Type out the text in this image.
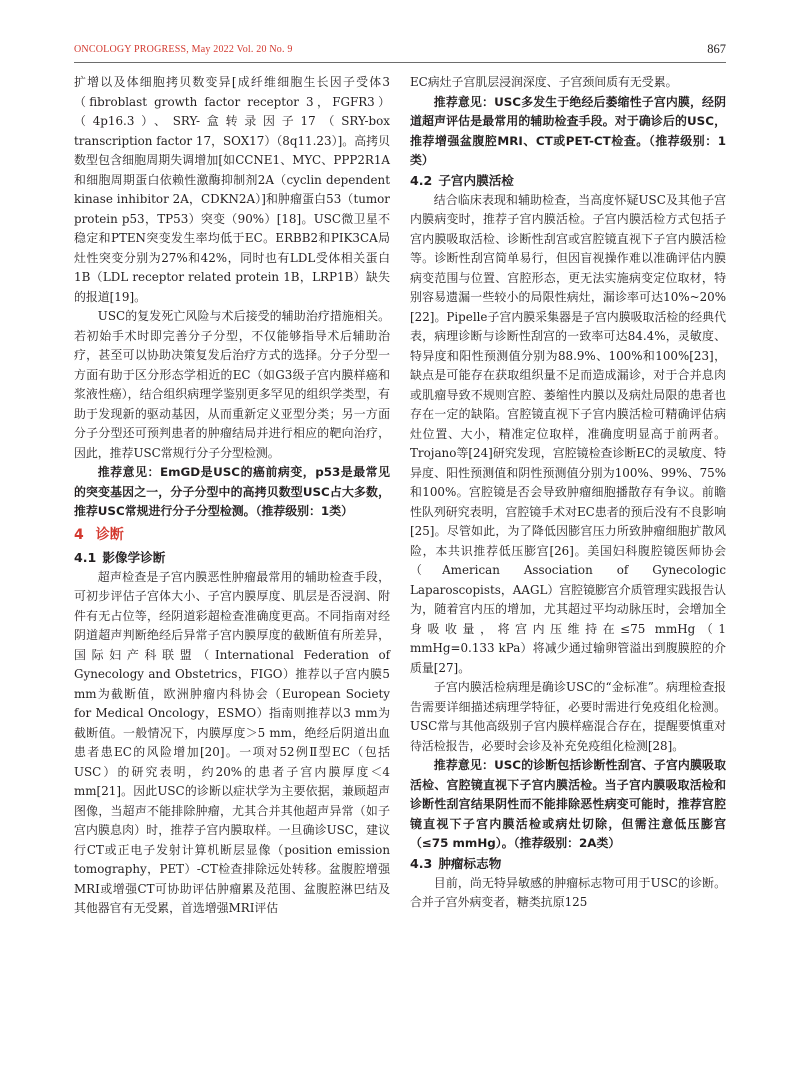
ONCOLOGY PROGRESS, May 2022 Vol. 20 No. 9	867

扩增以及体细胞拷贝数变异[成纤维细胞生长因子受体3（fibroblast growth factor receptor 3，FGFR3）（4p16.3）、SRY-盒转录因子17（SRY-box transcription factor 17，SOX17）（8q11.23）]。高拷贝数型包含细胞周期失调增加[如CCNE1、MYC、PPP2R1A和细胞周期蛋白依赖性激酶抑制剂2A（cyclin dependent kinase inhibitor 2A，CDKN2A）]和肿瘤蛋白53（tumor protein p53，TP53）突变（90%）[18]。USC微卫星不稳定和PTEN突变发生率均低于EC。ERBB2和PIK3CA局灶性突变分别为27%和42%，同时也有LDL受体相关蛋白1B（LDL receptor related protein 1B，LRP1B）缺失的报道[19]。

USC的复发死亡风险与术后接受的辅助治疗措施相关。若初始手术时即完善分子分型，不仅能够指导术后辅助治疗，甚至可以协助决策复发后治疗方式的选择。分子分型一方面有助于区分形态学相近的EC（如G3级子宫内膜样癌和浆液性癌），结合组织病理学鉴别更多罕见的组织学类型，有助于发现新的驱动基因，从而重新定义亚型分类；另一方面分子分型还可预判患者的肿瘤结局并进行相应的靶向治疗，因此，推荐USC常规行分子分型检测。

推荐意见：EmGD是USC的癌前病变，p53是最常见的突变基因之一，分子分型中的高拷贝数型USC占大多数，推荐USC常规进行分子分型检测。（推荐级别：1类）

4 诊断
4.1 影像学诊断

超声检查是子宫内膜恶性肿瘤最常用的辅助检查手段，可初步评估子宫体大小、子宫内膜厚度、肌层是否浸润、附件有无占位等，经阴道彩超检查准确度更高。不同指南对经阴道超声判断绝经后异常子宫内膜厚度的截断值有所差异，国际妇产科联盟（International Federation of Gynecology and Obstetrics，FIGO）推荐以子宫内膜5 mm为截断值，欧洲肿瘤内科协会（European Society for Medical Oncology，ESMO）指南则推荐以3 mm为截断值。一般情况下，内膜厚度＞5 mm，绝经后阴道出血患者患EC的风险增加[20]。一项对52例Ⅱ型EC（包括USC）的研究表明，约20%的患者子宫内膜厚度＜4 mm[21]。因此USC的诊断以症状学为主要依据，兼顾超声图像，当超声不能排除肿瘤，尤其合并其他超声异常（如子宫内膜息肉）时，推荐子宫内膜取样。一旦确诊USC，建议行CT或正电子发射计算机断层显像（position emission tomography，PET）-CT检查排除远处转移。盆腹腔增强MRI或增强CT可协助评估肿瘤累及范围、盆腹腔淋巴结及其他器官有无受累，首选增强MRI评估

EC病灶子宫肌层浸润深度、子宫颈间质有无受累。

推荐意见：USC多发生于绝经后萎缩性子宫内膜，经阴道超声评估是最常用的辅助检查手段。对于确诊后的USC，推荐增强盆腹腔MRI、CT或PET-CT检查。（推荐级别：1类）

4.2 子宫内膜活检

结合临床表现和辅助检查，当高度怀疑USC及其他子宫内膜病变时，推荐子宫内膜活检。子宫内膜活检方式包括子宫内膜吸取活检、诊断性刮宫或宫腔镜直视下子宫内膜活检等。诊断性刮宫简单易行，但因盲视操作难以准确评估内膜病变范围与位置、宫腔形态，更无法实施病变定位取材，特别容易遗漏一些较小的局限性病灶，漏诊率可达10%~20%[22]。Pipelle子宫内膜采集器是子宫内膜吸取活检的经典代表，病理诊断与诊断性刮宫的一致率可达84.4%，灵敏度、特异度和阳性预测值分别为88.9%、100%和100%[23]，缺点是可能存在获取组织量不足而造成漏诊，对于合并息肉或肌瘤导致不规则宫腔、萎缩性内膜以及病灶局限的患者也存在一定的缺陷。宫腔镜直视下子宫内膜活检可精确评估病灶位置、大小，精准定位取样，准确度明显高于前两者。Trojano等[24]研究发现，宫腔镜检查诊断EC的灵敏度、特异度、阳性预测值和阴性预测值分别为100%、99%、75%和100%。宫腔镜是否会导致肿瘤细胞播散存有争议。前瞻性队列研究表明，宫腔镜手术对EC患者的预后没有不良影响[25]。尽管如此，为了降低因膨宫压力所致肿瘤细胞扩散风险，本共识推荐低压膨宫[26]。美国妇科腹腔镜医师协会（American Association of Gynecologic Laparoscopists，AAGL）宫腔镜膨宫介质管理实践报告认为，随着宫内压的增加，尤其超过平均动脉压时，会增加全身吸收量，将宫内压维持在≤75 mmHg（1 mmHg=0.133 kPa）将减少通过输卵管溢出到腹膜腔的介质量[27]。

子宫内膜活检病理是确诊USC的“金标准”。病理检查报告需要详细描述病理学特征，必要时需进行免疫组化检测。USC常与其他高级别子宫内膜样癌混合存在，提醒要慎重对待活检报告，必要时会诊及补充免疫组化检测[28]。

推荐意见：USC的诊断包括诊断性刮宫、子宫内膜吸取活检、宫腔镜直视下子宫内膜活检。当子宫内膜吸取活检和诊断性刮宫结果阴性而不能排除恶性病变可能时，推荐宫腔镜直视下子宫内膜活检或病灶切除，但需注意低压膨宫（≤75 mmHg）。（推荐级别：2A类）

4.3 肿瘤标志物

目前，尚无特异敏感的肿瘤标志物可用于USC的诊断。合并子宫外病变者，糖类抗原125
